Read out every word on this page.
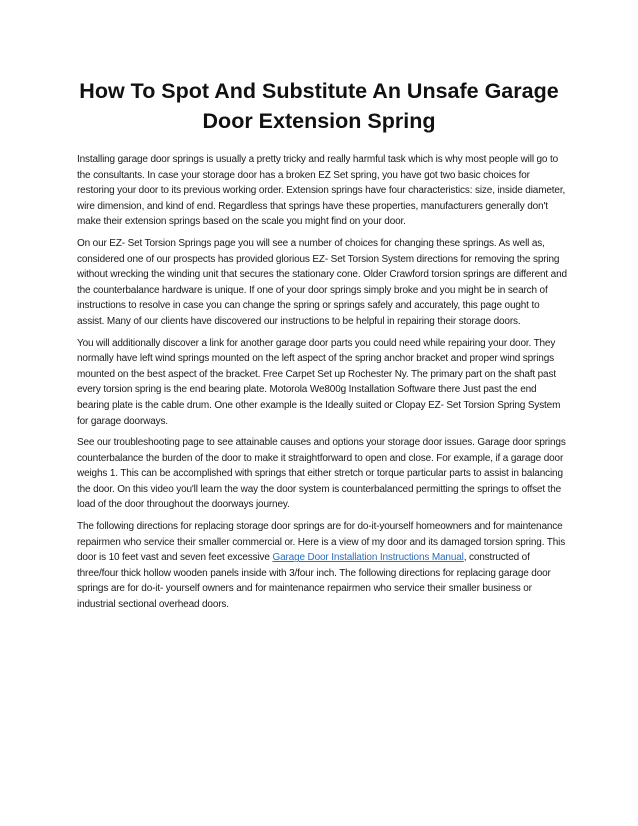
How To Spot And Substitute An Unsafe Garage Door Extension Spring

Installing garage door springs is usually a pretty tricky and really harmful task which is why most people will go to the consultants. In case your storage door has a broken EZ Set spring, you have got two basic choices for restoring your door to its previous working order. Extension springs have four characteristics: size, inside diameter, wire dimension, and kind of end. Regardless that springs have these properties, manufacturers generally don't make their extension springs based on the scale you might find on your door.

On our EZ- Set Torsion Springs page you will see a number of choices for changing these springs. As well as, considered one of our prospects has provided glorious EZ- Set Torsion System directions for removing the spring without wrecking the winding unit that secures the stationary cone. Older Crawford torsion springs are different and the counterbalance hardware is unique. If one of your door springs simply broke and you might be in search of instructions to resolve in case you can change the spring or springs safely and accurately, this page ought to assist. Many of our clients have discovered our instructions to be helpful in repairing their storage doors.

You will additionally discover a link for another garage door parts you could need while repairing your door. They normally have left wind springs mounted on the left aspect of the spring anchor bracket and proper wind springs mounted on the best aspect of the bracket. Free Carpet Set up Rochester Ny. The primary part on the shaft past every torsion spring is the end bearing plate. Motorola We800g Installation Software there Just past the end bearing plate is the cable drum. One other example is the Ideally suited or Clopay EZ- Set Torsion Spring System for garage doorways.

See our troubleshooting page to see attainable causes and options your storage door issues. Garage door springs counterbalance the burden of the door to make it straightforward to open and close. For example, if a garage door weighs 1. This can be accomplished with springs that either stretch or torque particular parts to assist in balancing the door. On this video you'll learn the way the door system is counterbalanced permitting the springs to offset the load of the door throughout the doorways journey.

The following directions for replacing storage door springs are for do-it-yourself homeowners and for maintenance repairmen who service their smaller commercial or. Here is a view of my door and its damaged torsion spring. This door is 10 feet vast and seven feet excessive Garage Door Installation Instructions Manual, constructed of three/four thick hollow wooden panels inside with 3/four inch. The following directions for replacing garage door springs are for do-it- yourself owners and for maintenance repairmen who service their smaller business or industrial sectional overhead doors.
